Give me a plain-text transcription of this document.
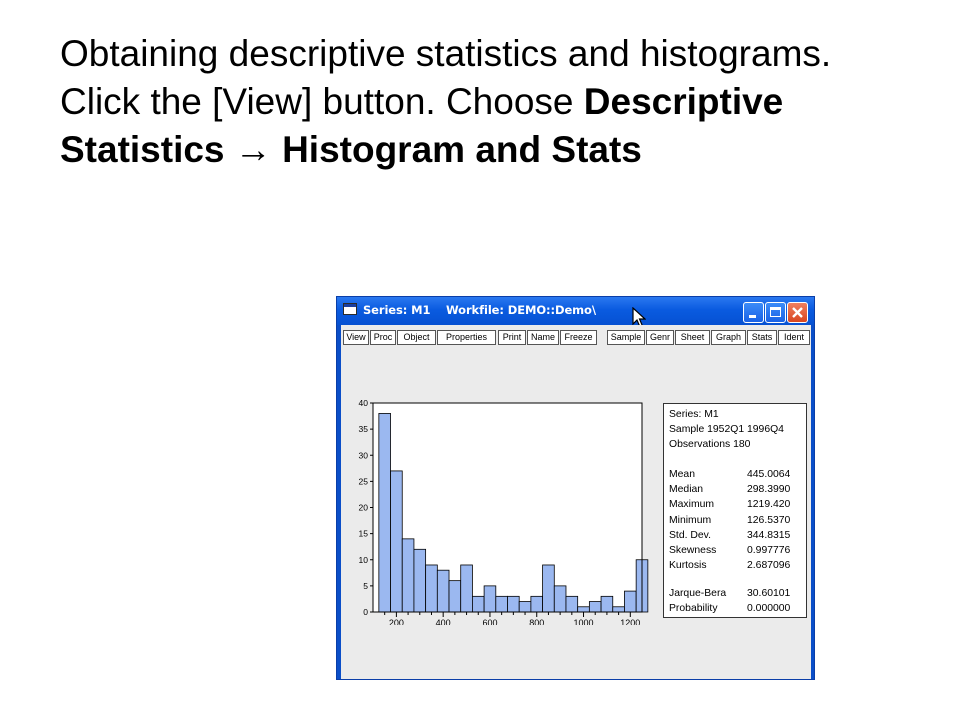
Obtaining descriptive statistics and histograms. Click the [View] button. Choose Descriptive Statistics → Histogram and Stats
Series: M1    Workfile: DEMO::Demo\
View Proc	Object	Properties	Print	Name	Freeze	Sample Genr	Sheet	Graph	Stats	Ident
0
5
10
15
20
25
30
35
40
200	400	600	800	1000	1200
Series: M1
Sample 1952Q1 1996Q4
Observations 180
Mean	445.0064
Median	298.3990
Maximum	1219.420
Minimum	126.5370
Std. Dev.	344.8315
Skewness	0.997776
Kurtosis	2.687096
Jarque-Bera 30.60101
Probability	0.000000
